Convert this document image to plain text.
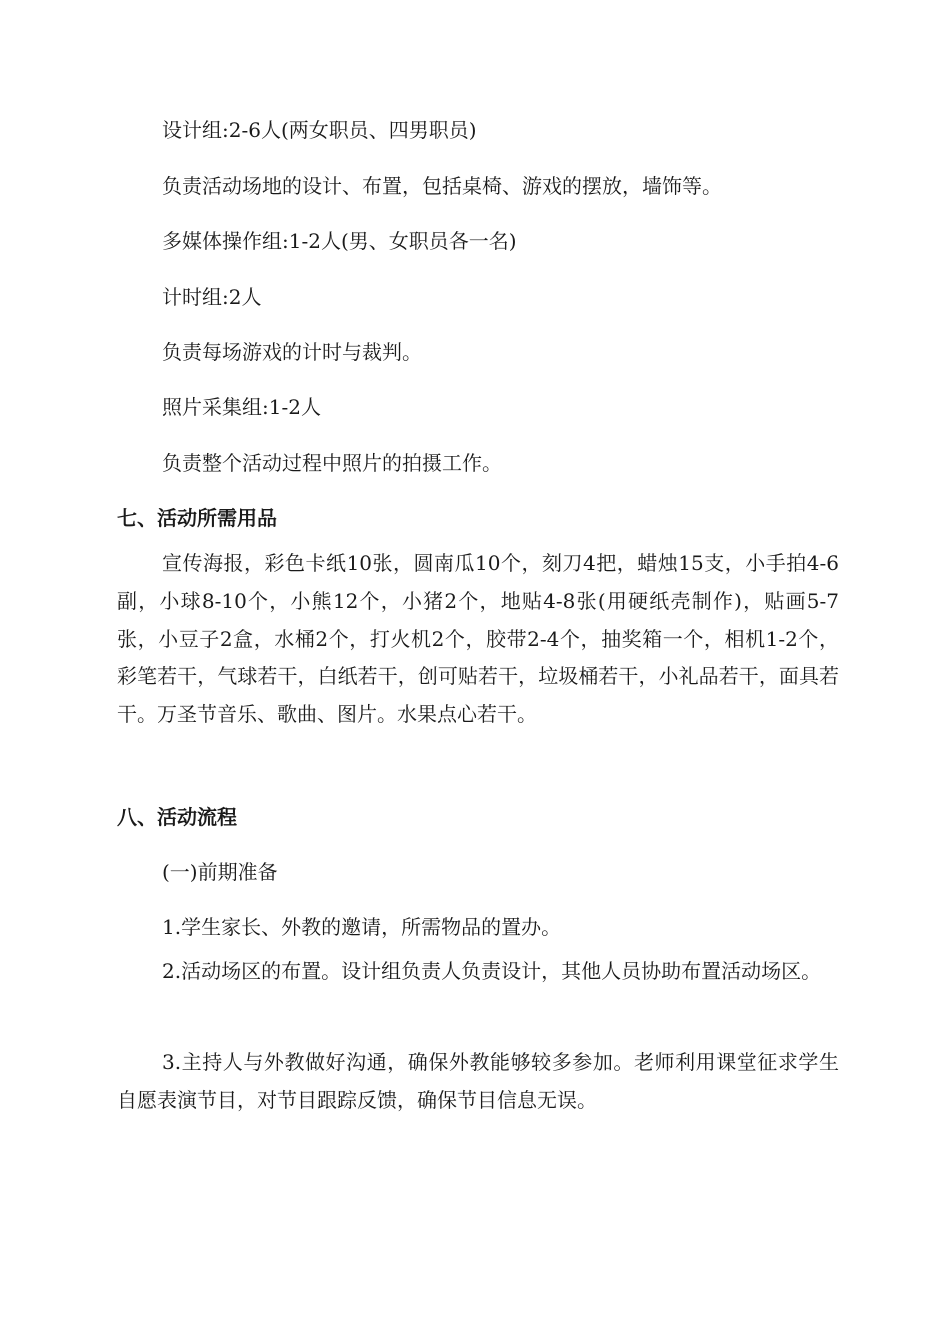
设计组:2-6人(两女职员、四男职员)
负责活动场地的设计、布置，包括桌椅、游戏的摆放，墙饰等。
多媒体操作组:1-2人(男、女职员各一名)
计时组:2人
负责每场游戏的计时与裁判。
照片采集组:1-2人
负责整个活动过程中照片的拍摄工作。
七、活动所需用品
宣传海报，彩色卡纸10张，圆南瓜10个，刻刀4把，蜡烛15支，小手拍4-6副，小球8-10个，小熊12个，小猪2个，地贴4-8张(用硬纸壳制作)，贴画5-7张，小豆子2盒，水桶2个，打火机2个，胶带2-4个，抽奖箱一个，相机1-2个，彩笔若干，气球若干，白纸若干，创可贴若干，垃圾桶若干，小礼品若干，面具若干。万圣节音乐、歌曲、图片。水果点心若干。
八、活动流程
(一)前期准备
1.学生家长、外教的邀请，所需物品的置办。
2.活动场区的布置。设计组负责人负责设计，其他人员协助布置活动场区。
3.主持人与外教做好沟通，确保外教能够较多参加。老师利用课堂征求学生自愿表演节目，对节目跟踪反馈，确保节目信息无误。
